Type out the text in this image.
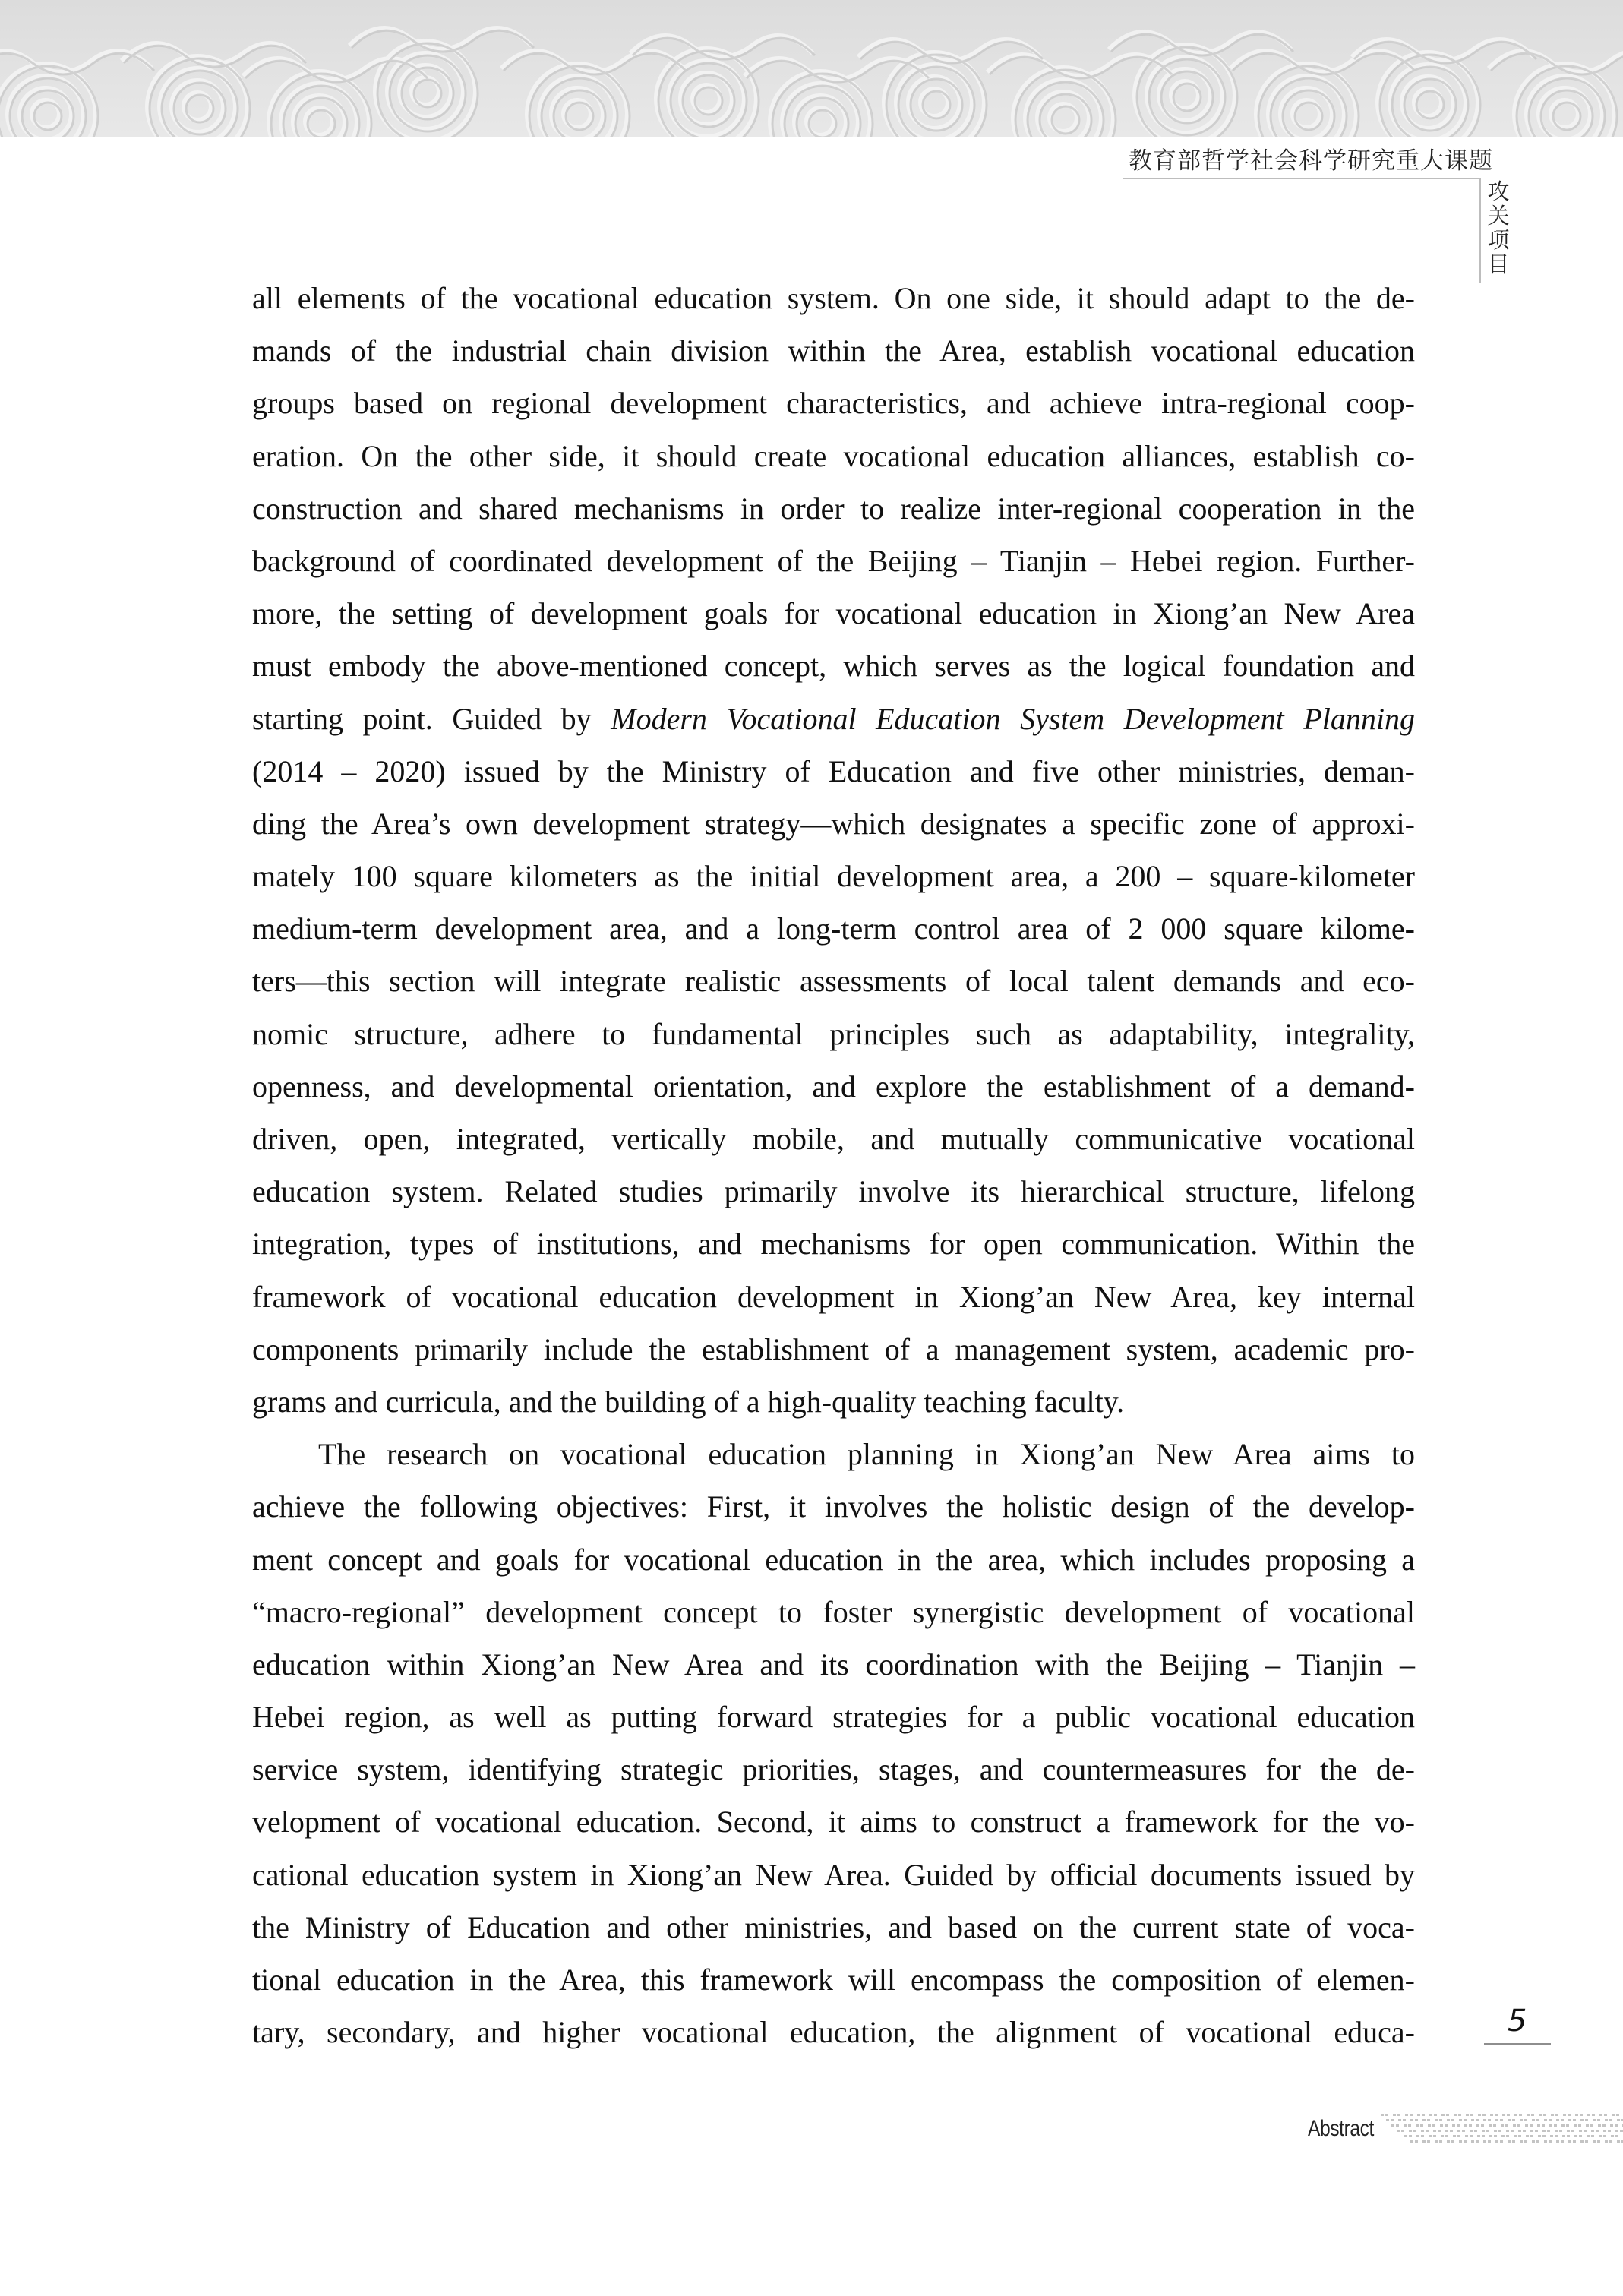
教育部哲学社会科学研究重大课题
攻
关
项
目
all elements of the vocational education system. On one side, it should adapt to the de-
mands of the industrial chain division within the Area, establish vocational education
groups based on regional development characteristics, and achieve intra-regional coop-
eration. On the other side, it should create vocational education alliances, establish co-
construction and shared mechanisms in order to realize inter-regional cooperation in the
background of coordinated development of the Beijing – Tianjin – Hebei region. Further-
more, the setting of development goals for vocational education in Xiong’an New Area
must embody the above-mentioned concept, which serves as the logical foundation and
starting point. Guided by Modern Vocational Education System Development Planning
(2014 – 2020) issued by the Ministry of Education and five other ministries, deman-
ding the Area’s own development strategy—which designates a specific zone of approxi-
mately 100 square kilometers as the initial development area, a 200 – square-kilometer
medium-term development area, and a long-term control area of 2 000 square kilome-
ters—this section will integrate realistic assessments of local talent demands and eco-
nomic structure, adhere to fundamental principles such as adaptability, integrality,
openness, and developmental orientation, and explore the establishment of a demand-
driven, open, integrated, vertically mobile, and mutually communicative vocational
education system. Related studies primarily involve its hierarchical structure, lifelong
integration, types of institutions, and mechanisms for open communication. Within the
framework of vocational education development in Xiong’an New Area, key internal
components primarily include the establishment of a management system, academic pro-
grams and curricula, and the building of a high-quality teaching faculty.
The research on vocational education planning in Xiong’an New Area aims to
achieve the following objectives: First, it involves the holistic design of the develop-
ment concept and goals for vocational education in the area, which includes proposing a
“macro-regional” development concept to foster synergistic development of vocational
education within Xiong’an New Area and its coordination with the Beijing – Tianjin –
Hebei region, as well as putting forward strategies for a public vocational education
service system, identifying strategic priorities, stages, and countermeasures for the de-
velopment of vocational education. Second, it aims to construct a framework for the vo-
cational education system in Xiong’an New Area. Guided by official documents issued by
the Ministry of Education and other ministries, and based on the current state of voca-
tional education in the Area, this framework will encompass the composition of elemen-
tary, secondary, and higher vocational education, the alignment of vocational educa-	5
Abstract
